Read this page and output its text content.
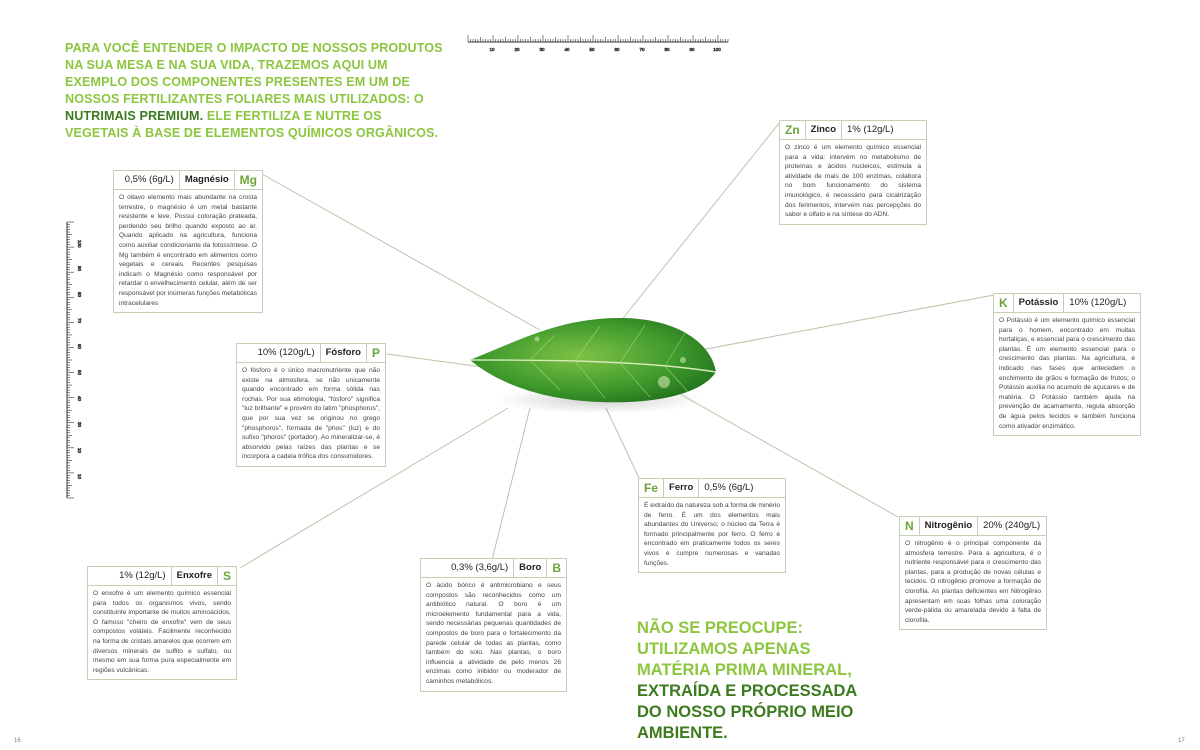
10	20	30	40	50	60	70	80	90	100
100
90
80
70
60
50
40
30
20
10
PARA VOCÊ ENTENDER O IMPACTO DE NOSSOS PRODUTOS NA SUA MESA E NA SUA VIDA, TRAZEMOS AQUI UM EXEMPLO DOS COMPONENTES PRESENTES EM UM DE NOSSOS FERTILIZANTES FOLIARES MAIS UTILIZADOS: O NUTRIMAIS PREMIUM. ELE FERTILIZA E NUTRE OS VEGETAIS À BASE DE ELEMENTOS QUÍMICOS ORGÂNICOS.
0,5% (6g/L)	Magnésio Mg
O oitavo elemento mais abundante na crosta terrestre, o magnésio é um metal bastante resistente e leve. Possui coloração prateada, perdendo seu brilho quando exposto ao ar. Quando aplicado na agricultura, funciona como auxiliar condicionante da fotossíntese. O Mg também é encontrado em alimentos como vegetais e cereais. Recentes pesquisas indicam o Magnésio como responsável por retardar o envelhecimento celular, além de ser responsável por inúmeras funções metabólicas intracelulares
10% (120g/L)	Fósforo P
O fósforo é o único macronutriente que não existe na atmosfera, se não unicamente quando encontrado em forma sólida nas rochas. Por sua etimologia, "fósforo" significa "luz brilhante" e provém do latim "phosphorus", que por sua vez se originou no grego "phosphoros", formada de "phos" (luz) e do sufixo "phoros" (portador). Ao mineralizar-se, é absorvido pelas raízes das plantas e se incorpora a cadeia trófica dos consumidores.
1% (12g/L)	Enxofre S
O enxofre é um elemento químico essencial para todos os organismos vivos, sendo constituinte importante de muitos aminoácidos. O famoso "cheiro de enxofre" vem de seus compostos voláteis. Facilmente reconhecido na forma de cristais amarelos que ocorrem em diversos minerais de sulfito e sulfato, ou mesmo em sua forma pura especialmente em regiões vulcânicas.
0,3% (3,6g/L)	Boro B
O ácido bórico é antimicrobiano e seus compostos são reconhecidos como um antibiótico natural. O boro é um microelemento fundamental para a vida, sendo necessárias pequenas quantidades de compostos de boro para o fortalecimento da parede celular de todas as plantas, como também do solo. Nas plantas, o boro influencia a atividade de pelo menos 26 enzimas como inibidor ou moderador de caminhos metabólicos.
Fe	Ferro	0,5% (6g/L)
É extraído da natureza sob a forma de minério de ferro. É um dos elementos mais abundantes do Universo; o núcleo da Terra é formado principalmente por ferro. O ferro é encontrado em praticamente todos os seres vivos e cumpre numerosas e variadas funções.
Zn	Zinco	1% (12g/L)
O zinco é um elemento químico essencial para a vida: intervém no metabolismo de proteínas e ácidos nucleicos, estimula a atividade de mais de 100 enzimas, colabora no bom funcionamento do sistema imunológico, é necessário para cicatrização dos ferimentos, intervém nas percepções do sabor e olfato e na síntese do ADN.
K	Potássio	10% (120g/L)
O Potássio é um elemento químico essencial para o homem, encontrado em muitas hortaliças, e essencial para o crescimento das plantas. É um elemento essencial para o crescimento das plantas. Na agricultura, é indicado nas fases que antecedem o enchimento de grãos e formação de frutos; o Potássio auxilia no acumulo de açucares e de matéria. O Potássio também ajuda na prevenção de acamamento, regula absorção de água pelos tecidos e também funciona como ativador enzimático.
N	Nitrogênio	20% (240g/L)
O nitrogênio é o principal componente da atmosfera terrestre. Para a agricultura, é o nutriente responsável para o crescimento das plantas, para a produção de novas células e tecidos. O nitrogênio promove a formação de clorofila. As plantas deficientes em Nitrogênio apresentam em suas folhas uma coloração verde-pálida ou amarelada devido à falta de clorofila.
NÃO SE PREOCUPE: UTILIZAMOS APENAS MATÉRIA PRIMA MINERAL, EXTRAÍDA E PROCESSADA DO NOSSO PRÓPRIO MEIO AMBIENTE.
16	17
